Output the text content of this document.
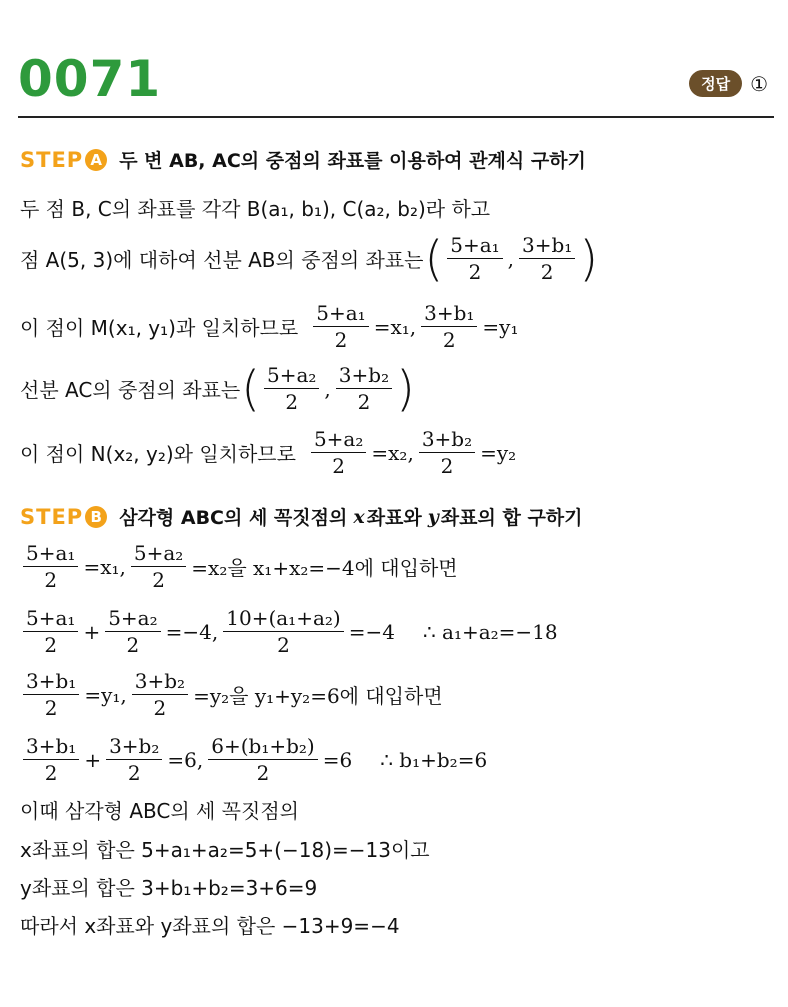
0071	정답	①
STEP A 두 변 AB, AC의 중점의 좌표를 이용하여 관계식 구하기
두 점 B, C의 좌표를 각각 B(a₁, b₁), C(a₂, b₂)라 하고
점 A(5, 3)에 대하여 선분 AB의 중점의 좌표는 ( $\frac{\text{5+a₁}}{2}$ , $\frac{\text{3+b₁}}{2}$ )
이 점이 M(x₁, y₁)과 일치하므로 $\frac{\text{5+a₁}}{2} =x_1$, $\frac{\text{3+b₁}}{2} =y_1$
선분 AC의 중점의 좌표는 ( $\frac{\text{5+a₂}}{2}$ , $\frac{\text{3+b₂}}{2}$ )
이 점이 N(x₂, y₂)와 일치하므로 $\frac{\text{5+a₂}}{2} =x_2$, $\frac{\text{3+b₂}}{2} =y_2$
STEP B 삼각형 ABC의 세 꼭짓점의 x 좌표와 y 좌표의 합 구하기
$\frac{\text{5+a₁}}{2} =x_1$, $\frac{\text{5+a₂}}{2} =x_2$을 x₁+x₂=−4에 대입하면
$\frac{\text{5+a₁}}{2} + \frac{\text{5+a₂}}{2} =-4$, $\frac{\text{10+(a₁+a₂)}}{2} =-4$ ∴ a₁+a₂=−18
$\frac{\text{3+b₁}}{2} =y_1$, $\frac{\text{3+b₂}}{2} =y_2$을 y₁+y₂=6에 대입하면
$\frac{\text{3+b₁}}{2} + \frac{\text{3+b₂}}{2} =6$, $\frac{\text{6+(b₁+b₂)}}{2} =6$ ∴ b₁+b₂=6
이때 삼각형 ABC의 세 꼭짓점의
x좌표의 합은 5+a₁+a₂=5+(−18)=−13이고
y좌표의 합은 3+b₁+b₂=3+6=9
따라서 x좌표와 y좌표의 합은 −13+9=−4
